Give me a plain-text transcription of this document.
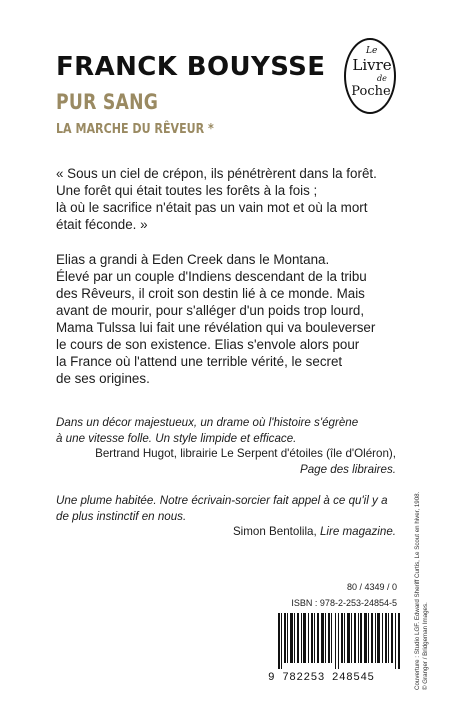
FRANCK BOUYSSE
PUR SANG
LA MARCHE DU RÊVEUR *
Le
Livre
de
Poche
« Sous un ciel de crépon, ils pénétrèrent dans la forêt.
Une forêt qui était toutes les forêts à la fois ;
là où le sacrifice n'était pas un vain mot et où la mort
était féconde. »
Elias a grandi à Eden Creek dans le Montana.
Élevé par un couple d'Indiens descendant de la tribu
des Rêveurs, il croit son destin lié à ce monde. Mais
avant de mourir, pour s'alléger d'un poids trop lourd,
Mama Tulssa lui fait une révélation qui va bouleverser
le cours de son existence. Elias s'envole alors pour
la France où l'attend une terrible vérité, le secret
de ses origines.
Dans un décor majestueux, un drame où l'histoire s'égrène
à une vitesse folle. Un style limpide et efficace.
Bertrand Hugot, librairie Le Serpent d'étoiles (île d'Oléron),
Page des libraires.
Une plume habitée. Notre écrivain-sorcier fait appel à ce qu'il y a
de plus instinctif en nous.
Simon Bentolila, Lire magazine.
80 / 4349 / 0
ISBN : 978-2-253-24854-5
9 782253 248545	Couverture : Studio LGF. Edward Sheriff Curtis, Le Scout en hiver, 1908. © Granger / Bridgeman Images.
